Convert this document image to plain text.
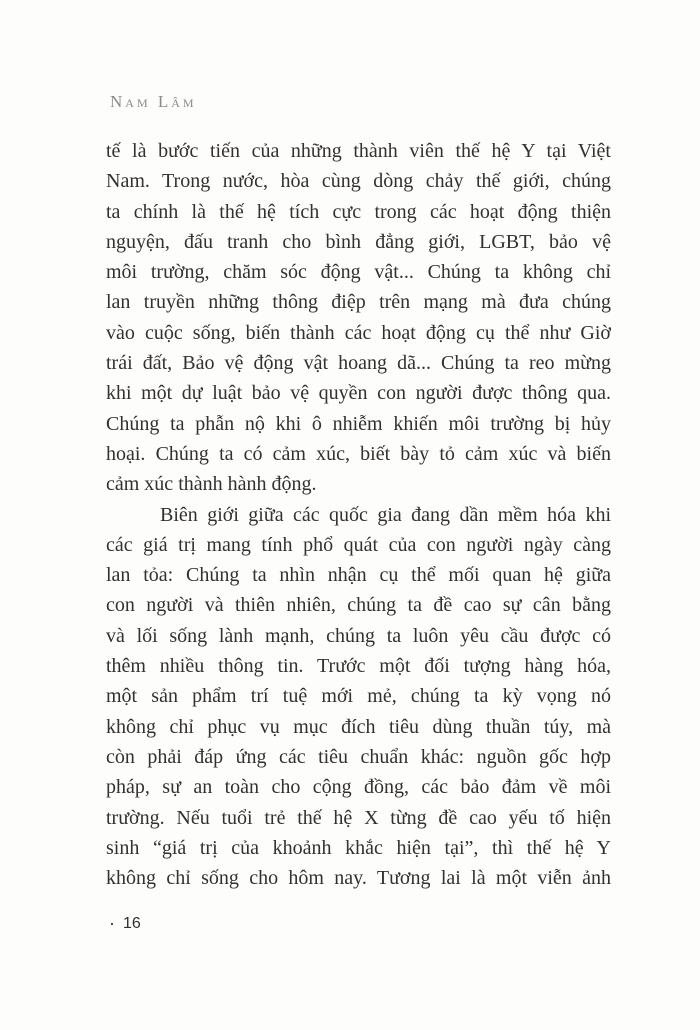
Nam Lâm
tế là bước tiến của những thành viên thế hệ Y tại Việt
Nam. Trong nước, hòa cùng dòng chảy thế giới, chúng
ta chính là thế hệ tích cực trong các hoạt động thiện
nguyện, đấu tranh cho bình đẳng giới, LGBT, bảo vệ
môi trường, chăm sóc động vật... Chúng ta không chỉ
lan truyền những thông điệp trên mạng mà đưa chúng
vào cuộc sống, biến thành các hoạt động cụ thể như Giờ
trái đất, Bảo vệ động vật hoang dã... Chúng ta reo mừng
khi một dự luật bảo vệ quyền con người được thông qua.
Chúng ta phẫn nộ khi ô nhiễm khiến môi trường bị hủy
hoại. Chúng ta có cảm xúc, biết bày tỏ cảm xúc và biến
cảm xúc thành hành động.
Biên giới giữa các quốc gia đang dần mềm hóa khi
các giá trị mang tính phổ quát của con người ngày càng
lan tỏa: Chúng ta nhìn nhận cụ thể mối quan hệ giữa
con người và thiên nhiên, chúng ta đề cao sự cân bằng
và lối sống lành mạnh, chúng ta luôn yêu cầu được có
thêm nhiều thông tin. Trước một đối tượng hàng hóa,
một sản phẩm trí tuệ mới mẻ, chúng ta kỳ vọng nó
không chỉ phục vụ mục đích tiêu dùng thuần túy, mà
còn phải đáp ứng các tiêu chuẩn khác: nguồn gốc hợp
pháp, sự an toàn cho cộng đồng, các bảo đảm về môi
trường. Nếu tuổi trẻ thế hệ X từng đề cao yếu tố hiện
sinh “giá trị của khoảnh khắc hiện tại”, thì thế hệ Y
không chỉ sống cho hôm nay. Tương lai là một viễn ảnh
· 16
